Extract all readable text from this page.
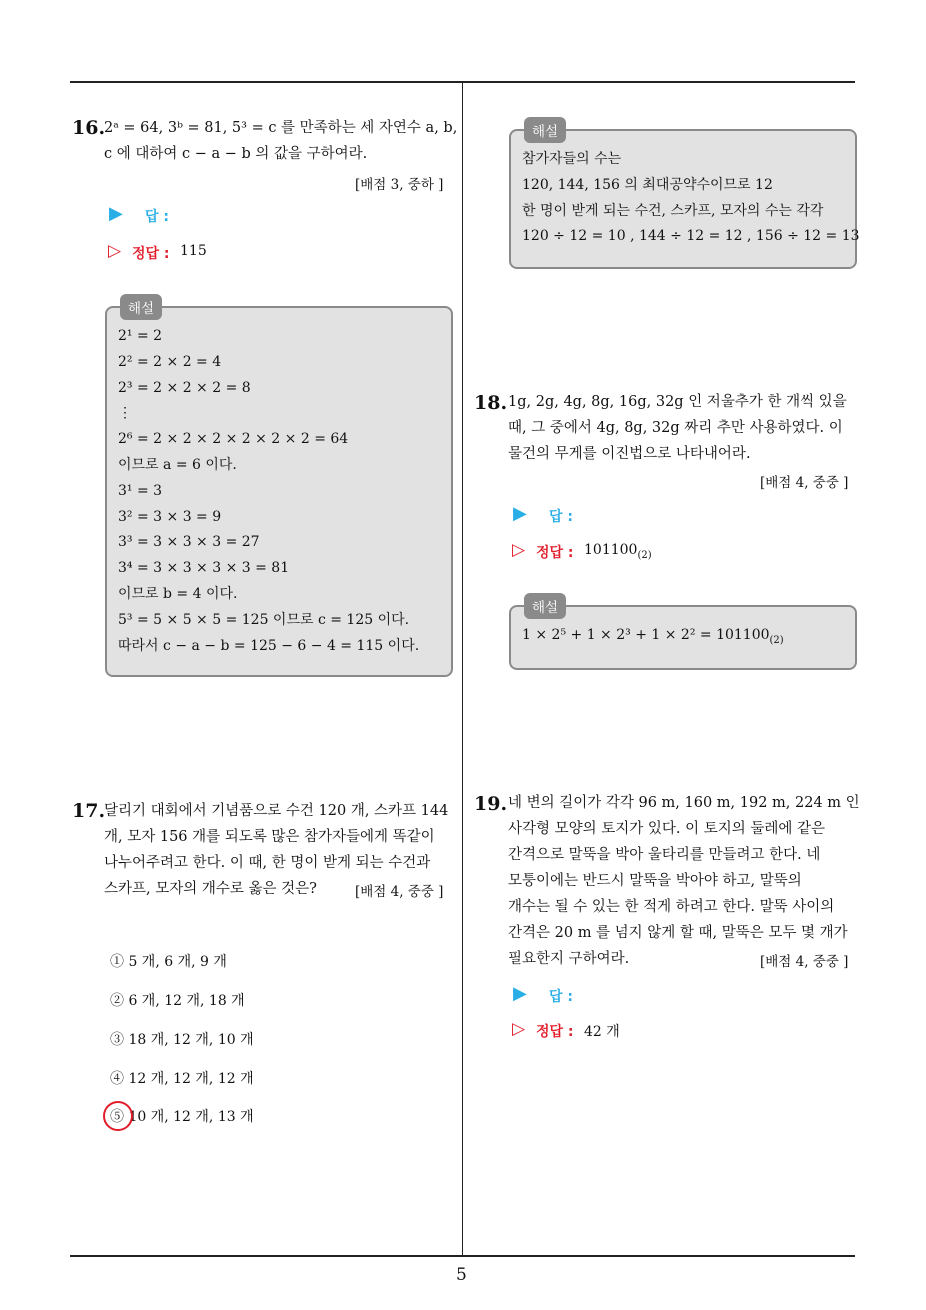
16.
2ᵃ = 64, 3ᵇ = 81, 5³ = c 를 만족하는 세 자연수 a, b,
c 에 대하여 c − a − b 의 값을 구하여라.
[배점 3, 중하 ]
▶ 답 :
▷ 정답 : 115
해설
2¹ = 2
2² = 2 × 2 = 4
2³ = 2 × 2 × 2 = 8
⋮
2⁶ = 2 × 2 × 2 × 2 × 2 × 2 = 64
이므로 a = 6 이다.
3¹ = 3
3² = 3 × 3 = 9
3³ = 3 × 3 × 3 = 27
3⁴ = 3 × 3 × 3 × 3 = 81
이므로 b = 4 이다.
5³ = 5 × 5 × 5 = 125 이므로 c = 125 이다.
따라서 c − a − b = 125 − 6 − 4 = 115 이다.
17.
달리기 대회에서 기념품으로 수건 120 개, 스카프 144
개, 모자 156 개를 되도록 많은 참가자들에게 똑같이
나누어주려고 한다. 이 때, 한 명이 받게 되는 수건과
스카프, 모자의 개수로 옳은 것은?	[배점 4, 중중 ]
① 5 개, 6 개, 9 개
② 6 개, 12 개, 18 개
③ 18 개, 12 개, 10 개
④ 12 개, 12 개, 12 개
⑤ 10 개, 12 개, 13 개
해설
참가자들의 수는
120, 144, 156 의 최대공약수이므로 12
한 명이 받게 되는 수건, 스카프, 모자의 수는 각각
120 ÷ 12 = 10 , 144 ÷ 12 = 12 , 156 ÷ 12 = 13
18. 1g, 2g, 4g, 8g, 16g, 32g 인 저울추가 한 개씩 있을
때, 그 중에서 4g, 8g, 32g 짜리 추만 사용하였다. 이
물건의 무게를 이진법으로 나타내어라.
[배점 4, 중중 ]
▶ 답 :
▷ 정답 : $101100_{(2)}$
해설
$1 \times 2^5 + 1 \times 2^3 + 1 \times 2^2 = 101100_{(2)}$
19. 네 변의 길이가 각각 96 m, 160 m, 192 m, 224 m 인
사각형 모양의 토지가 있다. 이 토지의 둘레에 같은
간격으로 말뚝을 박아 울타리를 만들려고 한다. 네
모퉁이에는 반드시 말뚝을 박아야 하고, 말뚝의
개수는 될 수 있는 한 적게 하려고 한다. 말뚝 사이의
간격은 20 m 를 넘지 않게 할 때, 말뚝은 모두 몇 개가
필요한지 구하여라.	[배점 4, 중중 ]
▶ 답 :
▷ 정답 : 42 개
5
